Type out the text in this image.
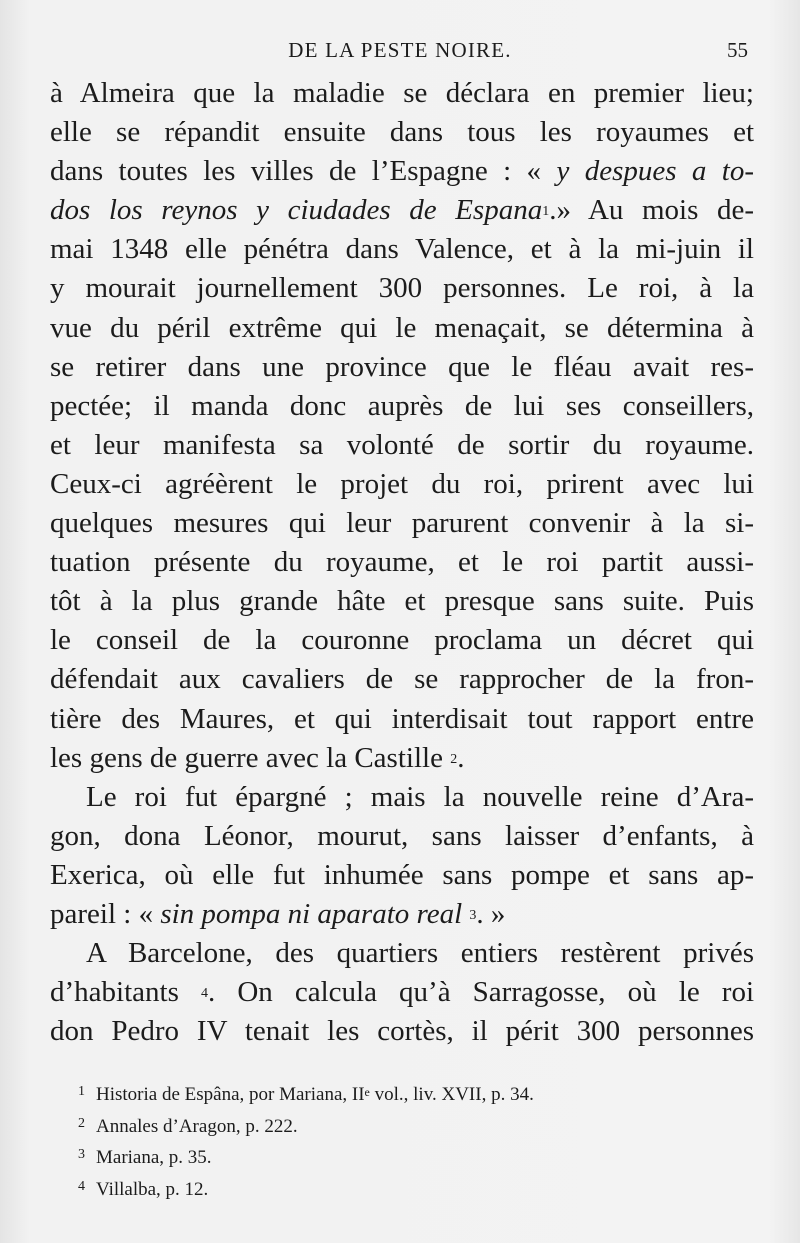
DE LA PESTE NOIRE.	55
à Almeira que la maladie se déclara en premier lieu;
elle se répandit ensuite dans tous les royaumes et
dans toutes les villes de l’Espagne : « y despues a to-
dos los reynos y ciudades de Espana$^1$.» Au mois de-
mai 1348 elle pénétra dans Valence, et à la mi-juin il
y mourait journellement 300 personnes. Le roi, à la
vue du péril extrême qui le menaçait, se détermina à
se retirer dans une province que le fléau avait res-
pectée; il manda donc auprès de lui ses conseillers,
et leur manifesta sa volonté de sortir du royaume.
Ceux-ci agréèrent le projet du roi, prirent avec lui
quelques mesures qui leur parurent convenir à la si-
tuation présente du royaume, et le roi partit aussi-
tôt à la plus grande hâte et presque sans suite. Puis
le conseil de la couronne proclama un décret qui
défendait aux cavaliers de se rapprocher de la fron-
tière des Maures, et qui interdisait tout rapport entre
les gens de guerre avec la Castille $^2$.
Le roi fut épargné ; mais la nouvelle reine d’Ara-
gon, dona Léonor, mourut, sans laisser d’enfants, à
Exerica, où elle fut inhumée sans pompe et sans ap-
pareil : « sin pompa ni aparato real $^3$. »
A Barcelone, des quartiers entiers restèrent privés
d’habitants $^4$. On calcula qu’à Sarragosse, où le roi
don Pedro IV tenait les cortès, il périt 300 personnes
1 Historia de Espâna, por Mariana, IIe vol., liv. XVII, p. 34.
2 Annales d’Aragon, p. 222.
3 Mariana, p. 35.
4 Villalba, p. 12.
